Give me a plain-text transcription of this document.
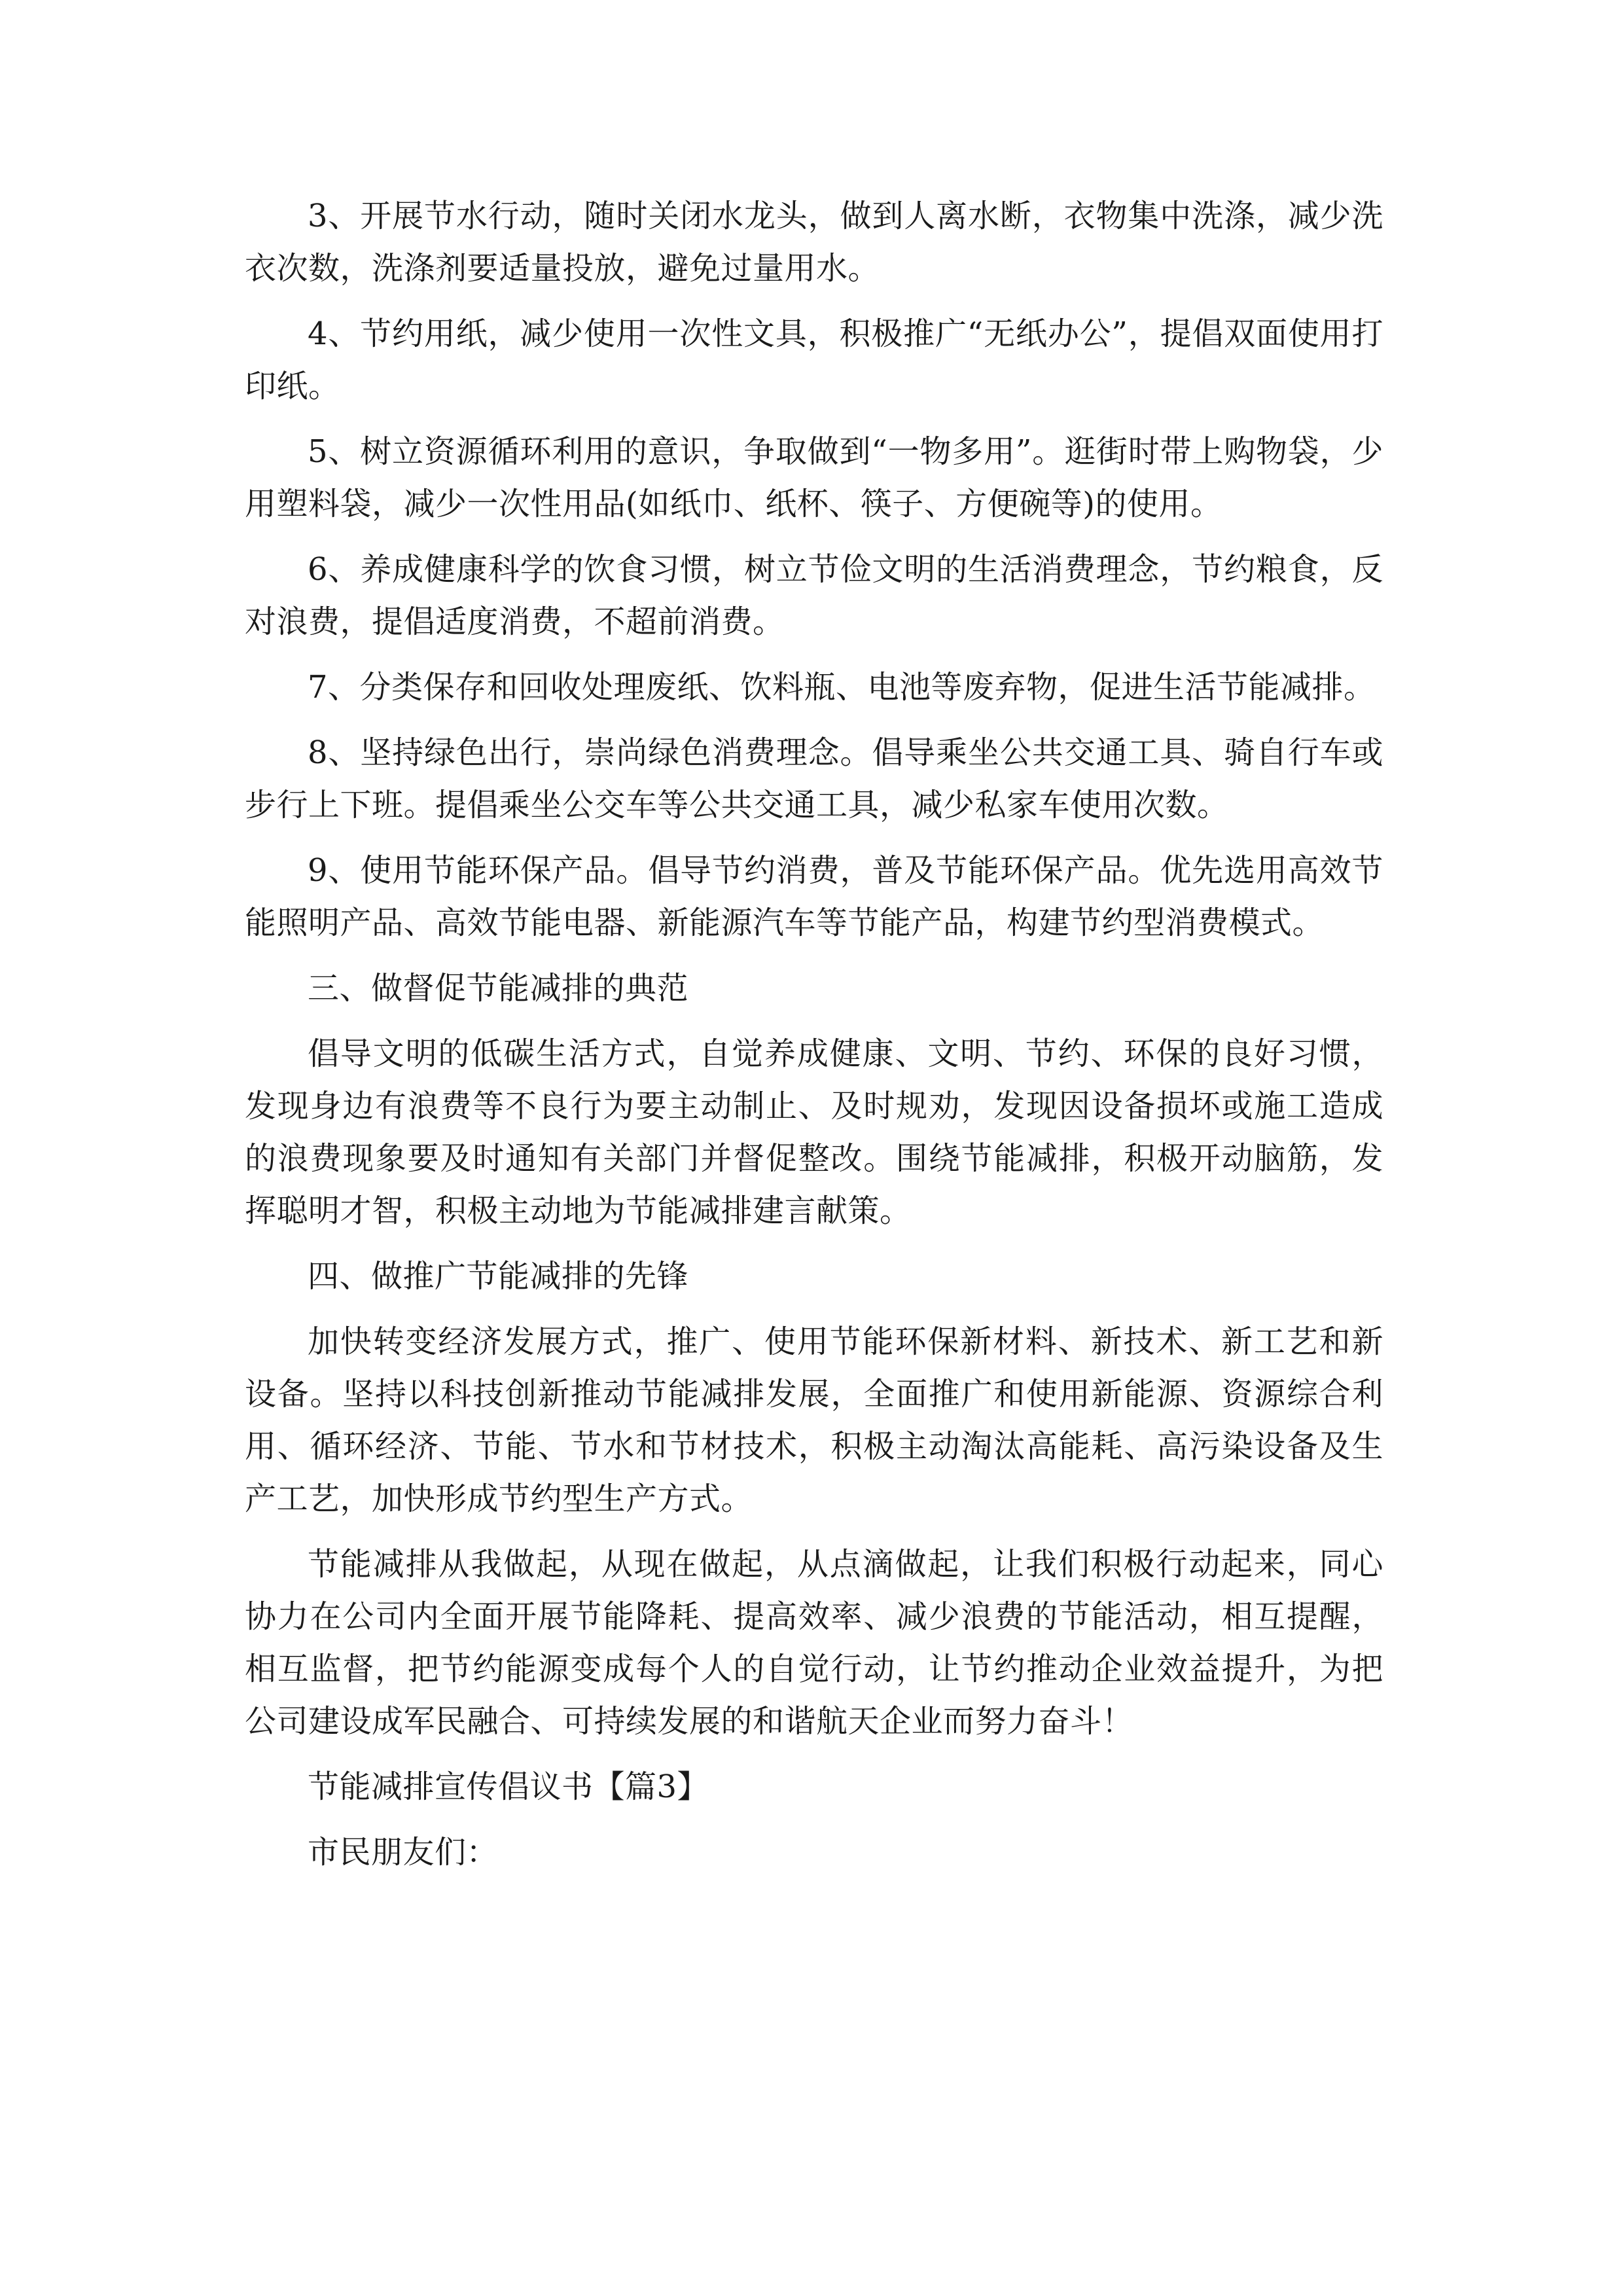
3、开展节水行动，随时关闭水龙头，做到人离水断，衣物集中洗涤，减少洗衣次数，洗涤剂要适量投放，避免过量用水。

4、节约用纸，减少使用一次性文具，积极推广“无纸办公”，提倡双面使用打印纸。

5、树立资源循环利用的意识，争取做到“一物多用”。逛街时带上购物袋，少用塑料袋，减少一次性用品(如纸巾、纸杯、筷子、方便碗等)的使用。

6、养成健康科学的饮食习惯，树立节俭文明的生活消费理念，节约粮食，反对浪费，提倡适度消费，不超前消费。

7、分类保存和回收处理废纸、饮料瓶、电池等废弃物，促进生活节能减排。

8、坚持绿色出行，崇尚绿色消费理念。倡导乘坐公共交通工具、骑自行车或步行上下班。提倡乘坐公交车等公共交通工具，减少私家车使用次数。

9、使用节能环保产品。倡导节约消费，普及节能环保产品。优先选用高效节能照明产品、高效节能电器、新能源汽车等节能产品，构建节约型消费模式。

三、做督促节能减排的典范

倡导文明的低碳生活方式，自觉养成健康、文明、节约、环保的良好习惯，发现身边有浪费等不良行为要主动制止、及时规劝，发现因设备损坏或施工造成的浪费现象要及时通知有关部门并督促整改。围绕节能减排，积极开动脑筋，发挥聪明才智，积极主动地为节能减排建言献策。

四、做推广节能减排的先锋

加快转变经济发展方式，推广、使用节能环保新材料、新技术、新工艺和新设备。坚持以科技创新推动节能减排发展，全面推广和使用新能源、资源综合利用、循环经济、节能、节水和节材技术，积极主动淘汰高能耗、高污染设备及生产工艺，加快形成节约型生产方式。

节能减排从我做起，从现在做起，从点滴做起，让我们积极行动起来，同心协力在公司内全面开展节能降耗、提高效率、减少浪费的节能活动，相互提醒，相互监督，把节约能源变成每个人的自觉行动，让节约推动企业效益提升，为把公司建设成军民融合、可持续发展的和谐航天企业而努力奋斗！

节能减排宣传倡议书【篇3】

市民朋友们：
